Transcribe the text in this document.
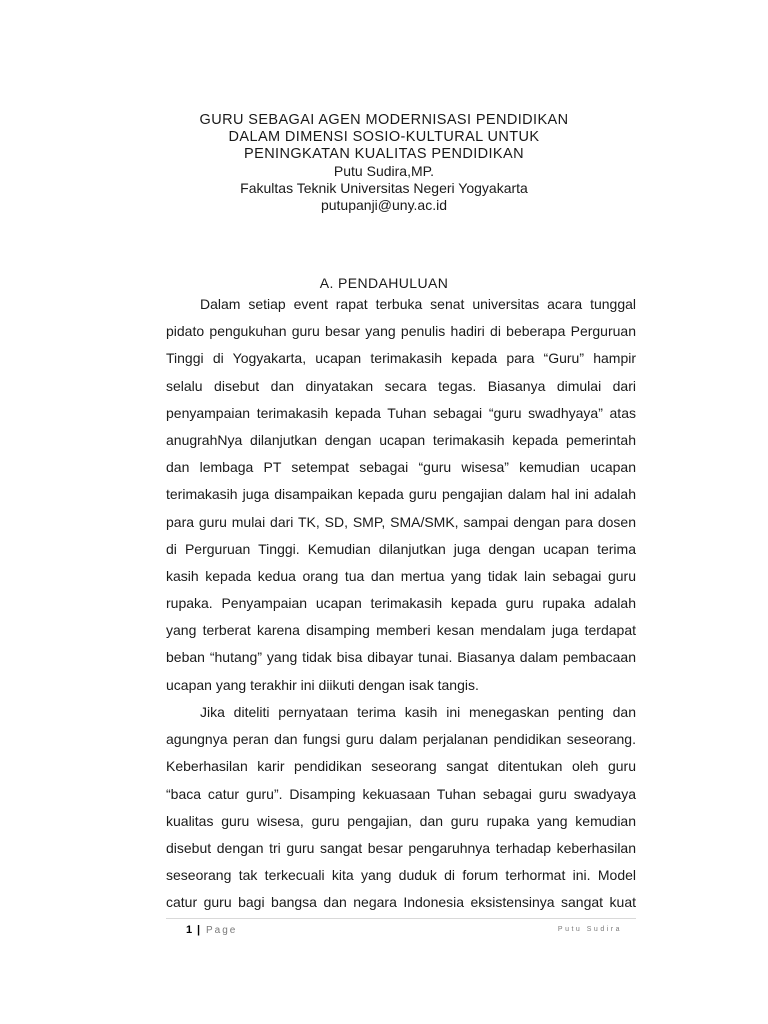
GURU SEBAGAI AGEN MODERNISASI PENDIDIKAN

DALAM DIMENSI SOSIO-KULTURAL UNTUK

PENINGKATAN KUALITAS PENDIDIKAN

Putu Sudira,MP.

Fakultas Teknik Universitas Negeri Yogyakarta

putupanji@uny.ac.id

A. PENDAHULUAN
Dalam setiap event rapat terbuka senat universitas acara tunggal
pidato pengukuhan guru besar yang penulis hadiri di beberapa Perguruan
Tinggi di Yogyakarta, ucapan terimakasih kepada para “Guru” hampir
selalu disebut dan dinyatakan secara tegas. Biasanya dimulai dari
penyampaian terimakasih kepada Tuhan sebagai “guru swadhyaya” atas
anugrahNya dilanjutkan dengan ucapan terimakasih kepada pemerintah
dan lembaga PT setempat sebagai “guru wisesa” kemudian ucapan
terimakasih juga disampaikan kepada guru pengajian dalam hal ini adalah
para guru mulai dari TK, SD, SMP, SMA/SMK, sampai dengan para dosen
di Perguruan Tinggi. Kemudian dilanjutkan juga dengan ucapan terima
kasih kepada kedua orang tua dan mertua yang tidak lain sebagai guru
rupaka. Penyampaian ucapan terimakasih kepada guru rupaka adalah
yang terberat karena disamping memberi kesan mendalam juga terdapat
beban “hutang” yang tidak bisa dibayar tunai. Biasanya dalam pembacaan
ucapan yang terakhir ini diikuti dengan isak tangis.
Jika diteliti pernyataan terima kasih ini menegaskan penting dan
agungnya peran dan fungsi guru dalam perjalanan pendidikan seseorang.
Keberhasilan karir pendidikan seseorang sangat ditentukan oleh guru
“baca catur guru”. Disamping kekuasaan Tuhan sebagai guru swadyaya
kualitas guru wisesa, guru pengajian, dan guru rupaka yang kemudian
disebut dengan tri guru sangat besar pengaruhnya terhadap keberhasilan
seseorang tak terkecuali kita yang duduk di forum terhormat ini. Model
catur guru bagi bangsa dan negara Indonesia eksistensinya sangat kuat
1 | Page	Putu Sudira
